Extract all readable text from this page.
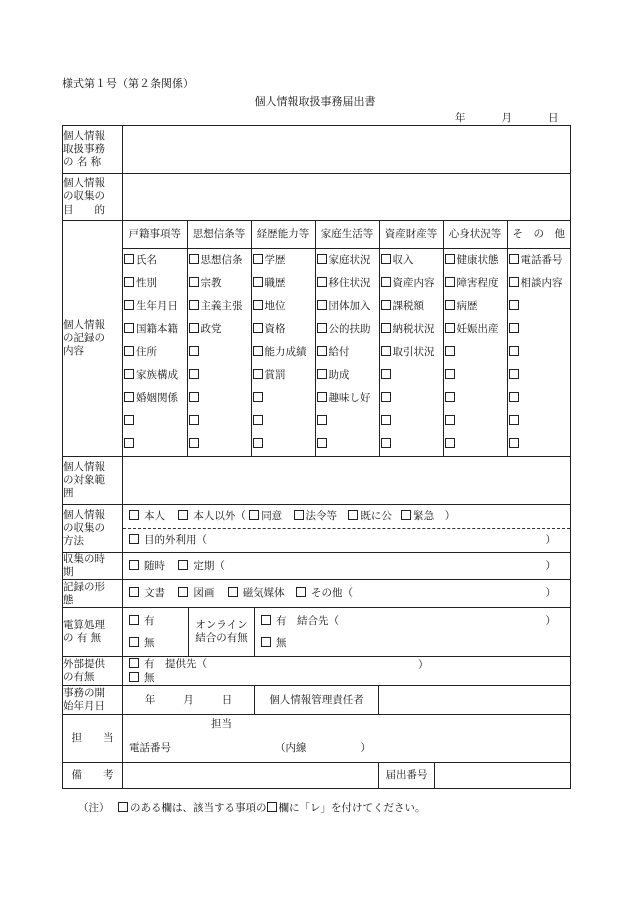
様式第１号（第２条関係）
個人情報取扱事務届出書
年	月	日
個人情報
取扱事務
の 名 称

個人情報
の収集の
目　　的

個人情報
の記録の
内容

戸籍事項等	思想信条等	経歴能力等	家庭生活等	資産財産等	心身状況等	そ　の　他
氏名	思想信条	学歴	家庭状況	収入	健康状態	電話番号
性別	宗教	職歴	移住状況	資産内容	障害程度	相談内容
生年月日	主義主張	地位	団体加入	課税額	病歴	
国籍本籍	政党	資格	公的扶助	納税状況	妊娠出産	
住所		能力成績	給付	取引状況		
家族構成		賞罰	助成			
婚姻関係			趣味し好			

個人情報
の対象範
囲

個人情報
の収集の
方法

本人	本人以外（ 同意 法令等 既に公 緊急　）
目的外利用（	）

収集の時
期

随時	定期（	）

記録の形
態

文書	図画	磁気媒体	その他（	）

電算処理
の 有 無

有
無

オンライン
結合の有無

有　結合先（	）
無

外部提供
の有無

有　提供先（	）
無

事務の開
始年月日
	年	月	日	個人情報管理責任者	
担　　当	
担当
電話番号	（内線	）

備　　考		届出番号	
（注） のある欄は、該当する事項の 欄に「レ」を付けてください。
